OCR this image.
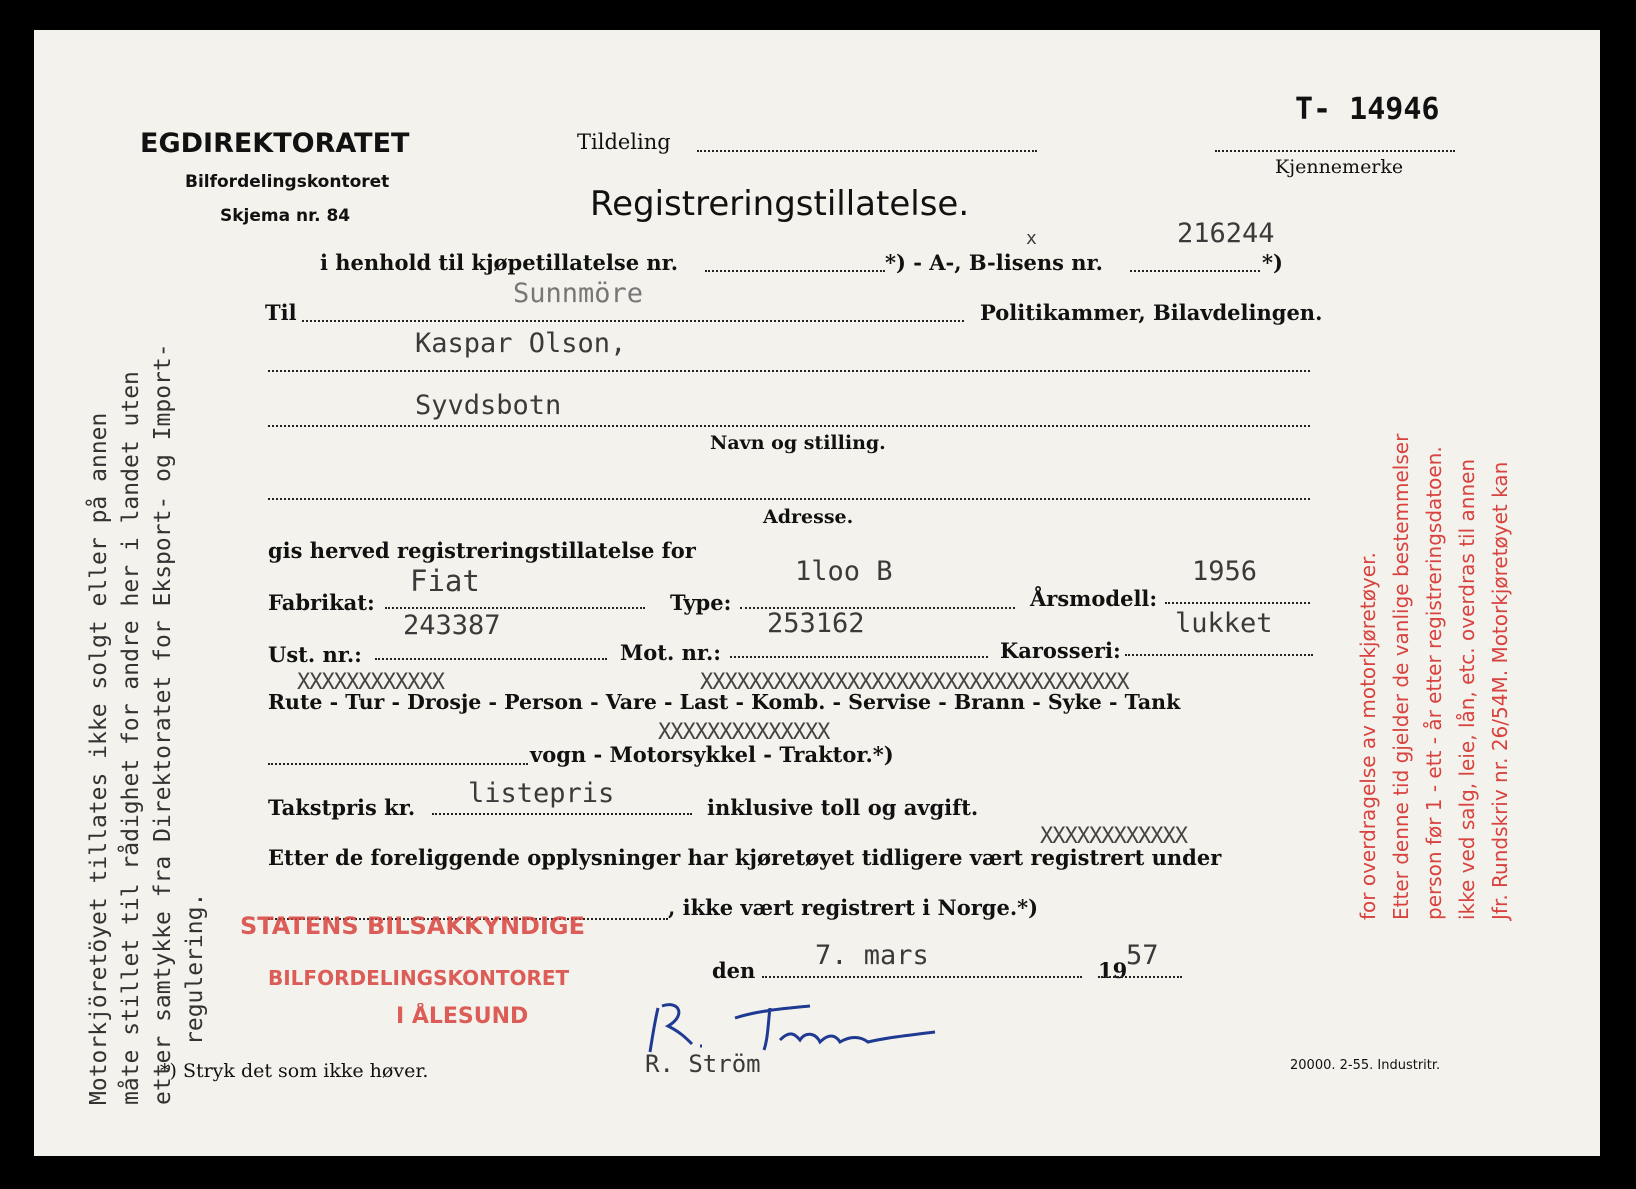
EGDIREKTORATET
Bilfordelingskontoret
Skjema nr. 84
Tildeling
T- 14946
Kjennemerke
Registreringstillatelse.
x	216244
i henhold til kjøpetillatelse nr.	*) - A-, B-lisens nr.	*)
Sunnmöre
Til	Politikammer, Bilavdelingen.
Kaspar Olson,
Syvdsbotn
Navn og stilling.
Adresse.
gis herved registreringstillatelse for
Fiat	1loo B	1956
Fabrikat:	Type:	Årsmodell:
243387	253162	lukket
Ust. nr.:	Mot. nr.:	Karosseri:
XXXXXXXXXXXX	XXXXXXXXXXXXXXXXXXXXXXXXXXXXXXXXXXX
Rute - Tur - Drosje - Person - Vare - Last - Komb. - Servise - Brann - Syke - Tank
XXXXXXXXXXXXXX
vogn - Motorsykkel - Traktor.*)
listepris
Takstpris kr.	inklusive toll og avgift.
XXXXXXXXXXXX
Etter de foreliggende opplysninger har kjøretøyet tidligere vært registrert under
, ikke vært registrert i Norge.*)
STATENS BILSAKKYNDIGE
BILFORDELINGSKONTORET
I ÅLESUND
7. mars
den	19
57
R. Ström
*) Stryk det som ikke høver.	20000. 2-55. Industritr.
Motorkjöretöyet tillates ikke solgt eller på annen måte stillet til rådighet for andre her i landet uten etter samtykke fra Direktoratet for Eksport- og Import- regulering.
Jfr. Rundskriv nr. 26/54M. Motorkjøretøyet kan
ikke ved salg, leie, lån, etc. overdras til annen
person før 1 - ett - år etter registreringsdatoen.
Etter denne tid gjelder de vanlige bestemmelser
for overdragelse av motorkjøretøyer.
